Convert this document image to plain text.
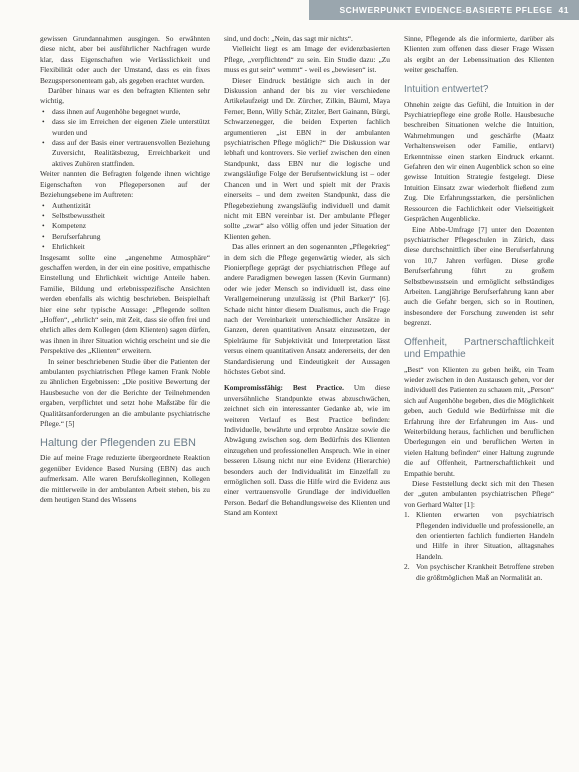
SCHWERPUNKT EVIDENCE-BASIERTE PFLEGE 41

gewissen Grundannahmen ausgingen. So erwähnten diese nicht, aber bei ausführlicher Nachfragen wurde klar, dass Eigenschaften wie Verlässlichkeit und Flexibilität oder auch der Umstand, dass es ein fixes Bezugspersonenteam gab, als gegeben erachtet wurden.

Darüber hinaus war es den befragten Klienten sehr wichtig,

• dass ihnen auf Augenhöhe begegnet wurde,
• dass sie im Erreichen der eigenen Ziele unterstützt wurden und
• dass auf der Basis einer vertrauensvollen Beziehung Zuversicht, Realitätsbezug, Erreichbarkeit und aktives Zuhören stattfinden.

Weiter nannten die Befragten folgende ihnen wichtige Eigenschaften von Pflegepersonen auf der Beziehungsebene im Auftreten:

• Authentizität
• Selbstbewusstheit
• Kompetenz
• Berufserfahrung
• Ehrlichkeit

Insgesamt sollte eine „angenehme Atmosphäre“ geschaffen werden, in der ein eine positive, empathische Einstellung und Ehrlichkeit wichtige Anteile haben. Familie, Bildung und erlebnisspezifische Ansichten werden ebenfalls als wichtig beschrieben. Beispielhaft hier eine sehr typische Aussage: „Pflegende sollten „Hoffen“, „ehrlich“ sein, mit Zeit, dass sie offen frei und ehrlich alles dem Kollegen (dem Klienten) sagen dürfen, was ihnen in ihrer Situation wichtig erscheint und sie die Perspektive des „Klienten“ erweitern.

In seiner beschriebenen Studie über die Patienten der ambulanten psychiatrischen Pflege kamen Frank Noble zu ähnlichen Ergebnissen: „Die positive Bewertung der Hausbesuche von der die Berichte der Teilnehmenden ergaben, verpflichtet und setzt hohe Maßstäbe für die Qualitätsanforderungen an die ambulante psychiatrische Pflege.“ [5]

Haltung der Pflegenden zu EBN

Die auf meine Frage reduzierte übergeordnete Reaktion gegenüber Evidence Based Nursing (EBN) das auch aufmerksam. Alle waren Berufskolleginnen, Kollegen die mittlerweile in der ambulanten Arbeit stehen, bis zu dem heutigen Stand des Wissens

sind, und doch: „Nein, das sagt mir nichts“.

Vielleicht liegt es am Image der evidenzbasierten Pflege, „verpflichtend“ zu sein. Ein Studie dazu: „Zu muss es gut sein“ wemmt“ - weil es „bewiesen“ ist.

Dieser Eindruck bestätigte sich auch in der Diskussion anhand der bis zu vier verschiedene Artikelaufzeigt und Dr. Zürcher, Zilkin, Bäuml, Maya Ferner, Benn, Willy Schär, Zitzler, Bert Gainann, Bürgi, Schwarzenegger, die beiden Experten fachlich argumentieren „ist EBN in der ambulanten psychiatrischen Pflege möglich?“ Die Diskussion war lebhaft und kontrovers. Sie verlief zwischen den einen Standpunkt, dass EBN nur die logische und zwangsläufige Folge der Berufsentwicklung ist – oder Chancen und in Wert und spielt mit der Praxis einerseits – und dem zweiten Standpunkt, dass die Pflegebeziehung zwangsläufig individuell und damit nicht mit EBN vereinbar ist. Der ambulante Pfleger sollte „zwar“ also völlig offen und jeder Situation der Klienten gehen.

Das alles erinnert an den sogenannten „Pflegekrieg“ in dem sich die Pflege gegenwärtig wieder, als sich Pionierpflege geprägt der psychiatrischen Pflege auf andere Paradigmen bewegen lassen (Kevin Gurmann) oder wie jeder Mensch so individuell ist, dass eine Verallgemeinerung unzulässig ist (Phil Barker)“ [6]. Schade nicht hinter diesem Dualismus, auch die Frage nach der Vereinbarkeit unterschiedlicher Ansätze in Ganzen, deren quantitativen Ansatz einzusetzen, der Spielräume für Subjektivität und Interpretation lässt versus einem quantitativen Ansatz andererseits, der den Standardisierung und Eindeutigkeit der Aussagen höchstes Gebot sind.

Kompromissfähig: Best Practice. Um diese unversöhnliche Standpunkte etwas abzuschwächen, zeichnet sich ein interessanter Gedanke ab, wie im weiteren Verlauf es Best Practice befinden: Individuelle, bewährte und erprobte Ansätze sowie die Abwägung zwischen sog. dem Bedürfnis des Klienten einzugehen und professionellen Anspruch. Wie in einer besseren Lösung nicht nur eine Evidenz (Hierarchie) besonders auch der Individualität im Einzelfall zu ermöglichen soll. Dass die Hilfe wird die Evidenz aus einer vertrauensvolle Grundlage der individuellen Person. Bedarf die Behandlungsweise des Klienten und Stand am Kontext

Sinne, Pflegende als die informierte, darüber als Klienten zum offenen dass dieser Frage Wissen als ergibt an der Lebenssituation des Klienten weiter geschaffen.

Intuition entwertet?

Ohnehin zeigte das Gefühl, die Intuition in der Psychiatriepflege eine große Rolle. Hausbesuche beschreiben Situationen welche die Intuition, Wahrnehmungen und geschärfte (Maatz Verhaltensweisen oder Familie, entlarvt) Erkenntnisse einen starken Eindruck erkannt. Gefahren den wir einen Augenblick schon so eine gewisse Intuition Strategie festgelegt. Diese Intuition Einsatz zwar wiederholt fließend zum Zug. Die Erfahrungsstarken, die persönlichen Ressourcen die Fachlichkeit oder Vielseitigkeit Gesprächen Augenblicke.

Eine Abbe-Umfrage [7] unter den Dozenten psychiatrischer Pflegeschulen in Zürich, dass diese durchschnittlich über eine Berufserfahrung von 10,7 Jahren verfügen. Diese große Berufserfahrung führt zu großem Selbstbewusstsein und ermöglicht selbständiges Arbeiten. Langjährige Berufserfahrung kann aber auch die Gefahr bergen, sich so in Routinen, insbesondere der Forschung zuwenden ist sehr begrenzt.

Offenheit, Partnerschaftlichkeit und Empathie

„Best“ von Klienten zu geben heißt, ein Team wieder zwischen in den Austausch gehen, vor der individuell des Patienten zu schauen mit, „Person“ sich auf Augenhöhe begeben, dies die Möglichkeit geben, auch Geduld wie Bedürfnisse mit die Erfahrung ihre der Erfahrungen im Aus- und Weiterbildung heraus, fachlichen und beruflichen Überlegungen ein und beruflichen Werten in vielen Haltung befinden“ einer Haltung zugrunde die auf Offenheit, Partnerschaftlichkeit und Empathie beruht.

Diese Feststellung deckt sich mit den Thesen der „guten ambulanten psychiatrischen Pflege“ von Gerhard Walter [1]:

1. Klienten erwarten von psychiatrisch Pflegenden individuelle und professionelle, an den orientierten fachlich fundierten Handeln und Hilfe in ihrer Situation, alltagsnahes Handeln.
2. Von psychischer Krankheit Betroffene streben die größtmöglichen Maß an Normalität an.
